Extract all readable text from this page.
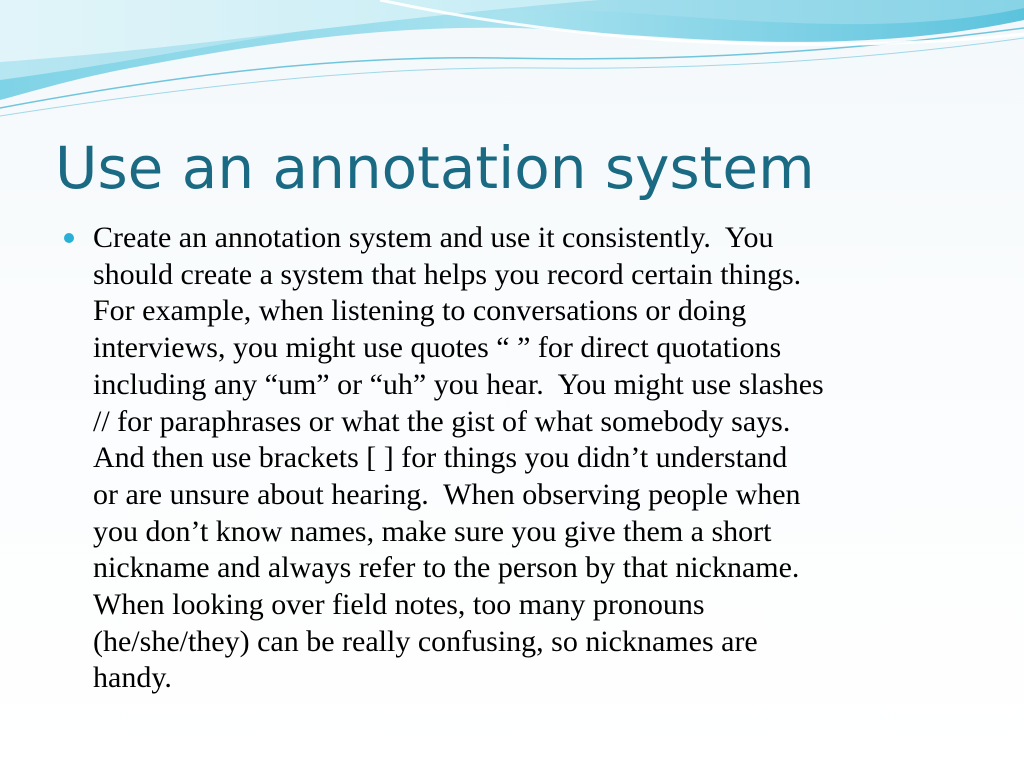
Use an annotation system
Create an annotation system and use it consistently.  You
should create a system that helps you record certain things.
For example, when listening to conversations or doing
interviews, you might use quotes “ ” for direct quotations
including any “um” or “uh” you hear.  You might use slashes
// for paraphrases or what the gist of what somebody says.
And then use brackets [ ] for things you didn’t understand
or are unsure about hearing.  When observing people when
you don’t know names, make sure you give them a short
nickname and always refer to the person by that nickname.
When looking over field notes, too many pronouns
(he/she/they) can be really confusing, so nicknames are
handy.
